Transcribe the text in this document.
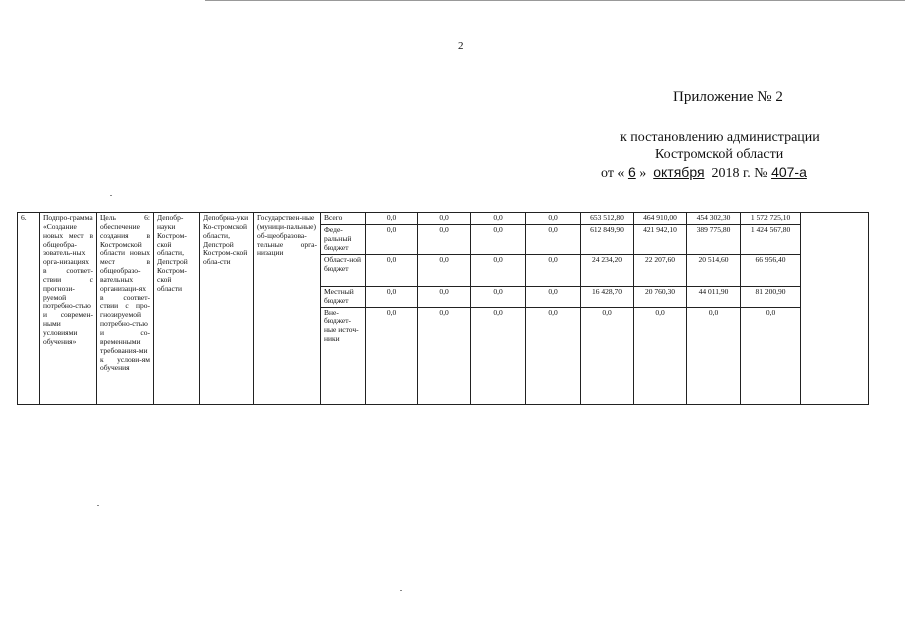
2
Приложение № 2
к постановлению администрации
Костромской области
от « 6 » октября 2018 г. № 407-а
6.	Подпро-грамма «Создание новых мест в общеобра-зователь-ных орга-низациях в соответ-ствии с прогнози-руемой потребно-стью и современ-ными условиями обучения»	Цель 6: обеспечение создания в Костромской области новых мест в общеобразо-вательных организаци-ях в соответ-ствии с про-гнозируемой потребно-стью и со-временными требования-ми к услови-ям обучения	Депобр-науки Костром-ской области, Депстрой Костром-ской области	Депобрна-уки Ко-стромской области, Депстрой Костром-ской обла-сти	Государствен-ные (муници-пальные) об-щеобразова-тельные орга-низации	Всего	0,0	0,0	0,0	0,0	653 512,80	464 910,00	454 302,30	1 572 725,10	
						Феде-ральный бюджет	0,0	0,0	0,0	0,0	612 849,90	421 942,10	389 775,80	1 424 567,80	
						Област-ной бюджет	0,0	0,0	0,0	0,0	24 234,20	22 207,60	20 514,60	66 956,40	
						Местный бюджет	0,0	0,0	0,0	0,0	16 428,70	20 760,30	44 011,90	81 200,90	
						Вне-бюджет-ные источ-ники	0,0	0,0	0,0	0,0	0,0	0,0	0,0	0,0	
